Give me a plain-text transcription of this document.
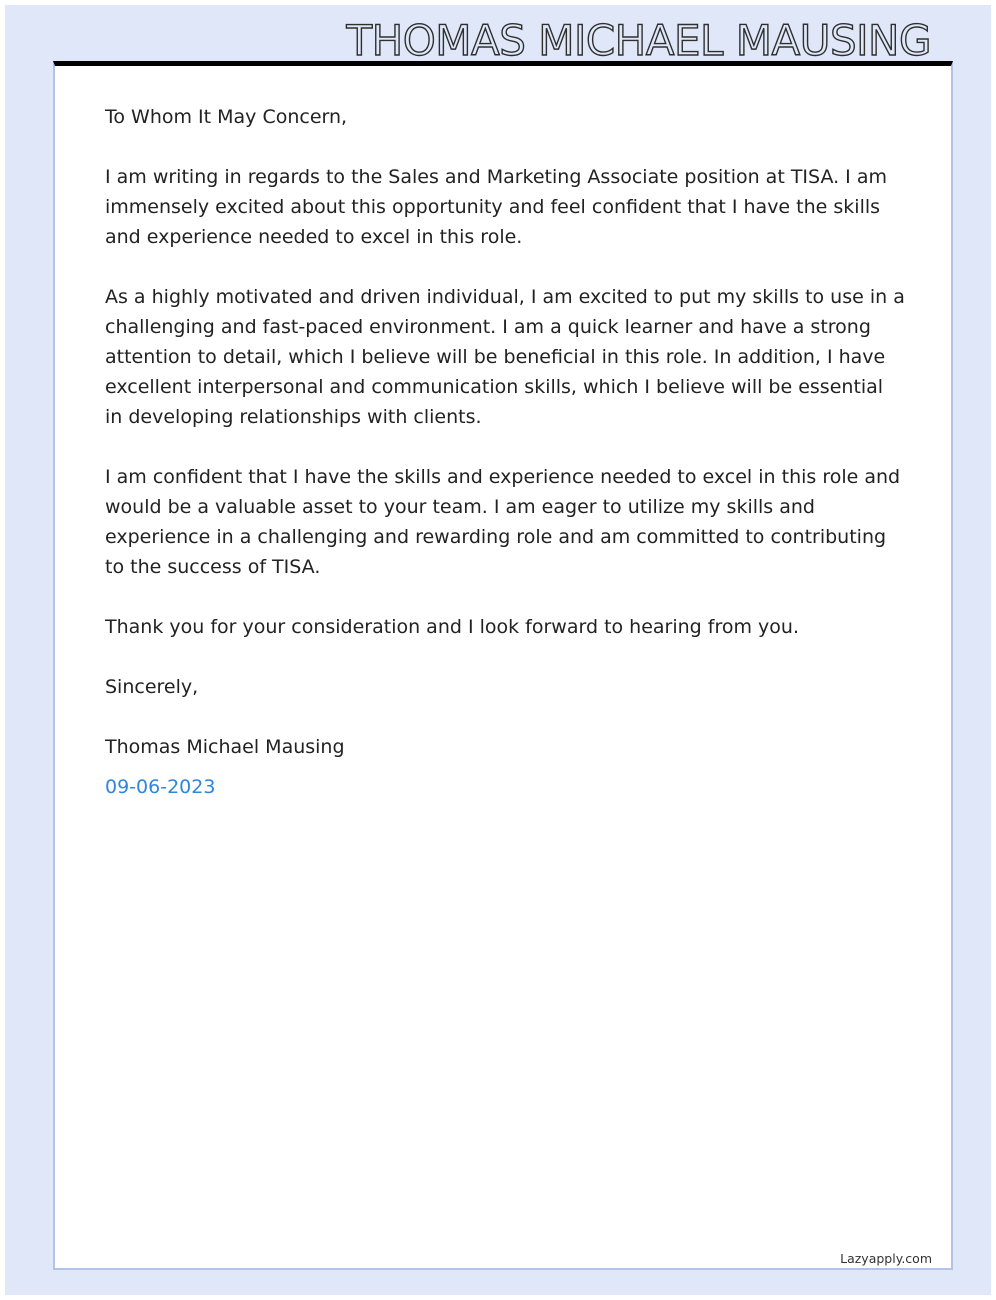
THOMAS MICHAEL MAUSING

To Whom It May Concern,

I am writing in regards to the Sales and Marketing Associate position at TISA. I am immensely excited about this opportunity and feel confident that I have the skills and experience needed to excel in this role.

As a highly motivated and driven individual, I am excited to put my skills to use in a challenging and fast-paced environment. I am a quick learner and have a strong attention to detail, which I believe will be beneficial in this role. In addition, I have excellent interpersonal and communication skills, which I believe will be essential in developing relationships with clients.

I am confident that I have the skills and experience needed to excel in this role and would be a valuable asset to your team. I am eager to utilize my skills and experience in a challenging and rewarding role and am committed to contributing to the success of TISA.

Thank you for your consideration and I look forward to hearing from you.

Sincerely,

Thomas Michael Mausing

09-06-2023

Lazyapply.com
